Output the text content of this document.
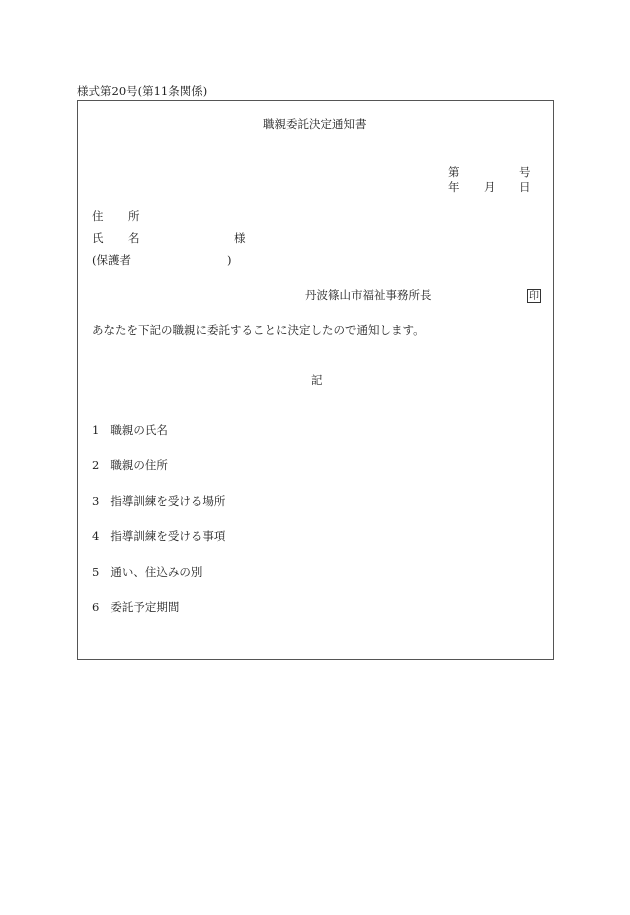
様式第20号(第11条関係)
職親委託決定通知書
第	号
年 月 日
住 所
氏 名	様
(保護者	)
丹波篠山市福祉事務所長	印
あなたを下記の職親に委託することに決定したので通知します。
記
1 職親の氏名
2 職親の住所
3 指導訓練を受ける場所
4 指導訓練を受ける事項
5 通い、住込みの別
6 委託予定期間
